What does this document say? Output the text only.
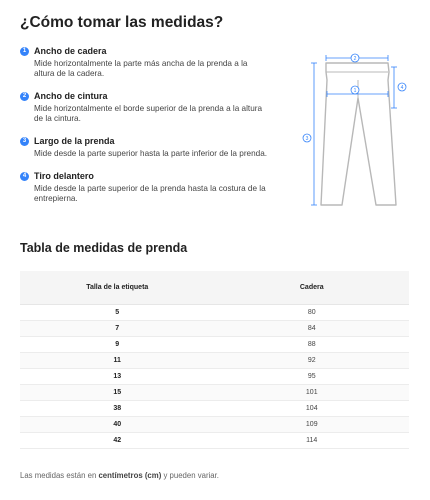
¿Cómo tomar las medidas?
1 Ancho de cadera
Mide horizontalmente la parte más ancha de la prenda a la altura de la cadera.
2 Ancho de cintura
Mide horizontalmente el borde superior de la prenda a la altura de la cintura.
3 Largo de la prenda
Mide desde la parte superior hasta la parte inferior de la prenda.
4 Tiro delantero
Mide desde la parte superior de la prenda hasta la costura de la entrepierna.
2
1	4
3
Tabla de medidas de prenda
Talla de la etiqueta	Cadera
5	80
7	84
9	88
11	92
13	95
15	101
38	104
40	109
42	114

Las medidas están en centímetros (cm) y pueden variar.
